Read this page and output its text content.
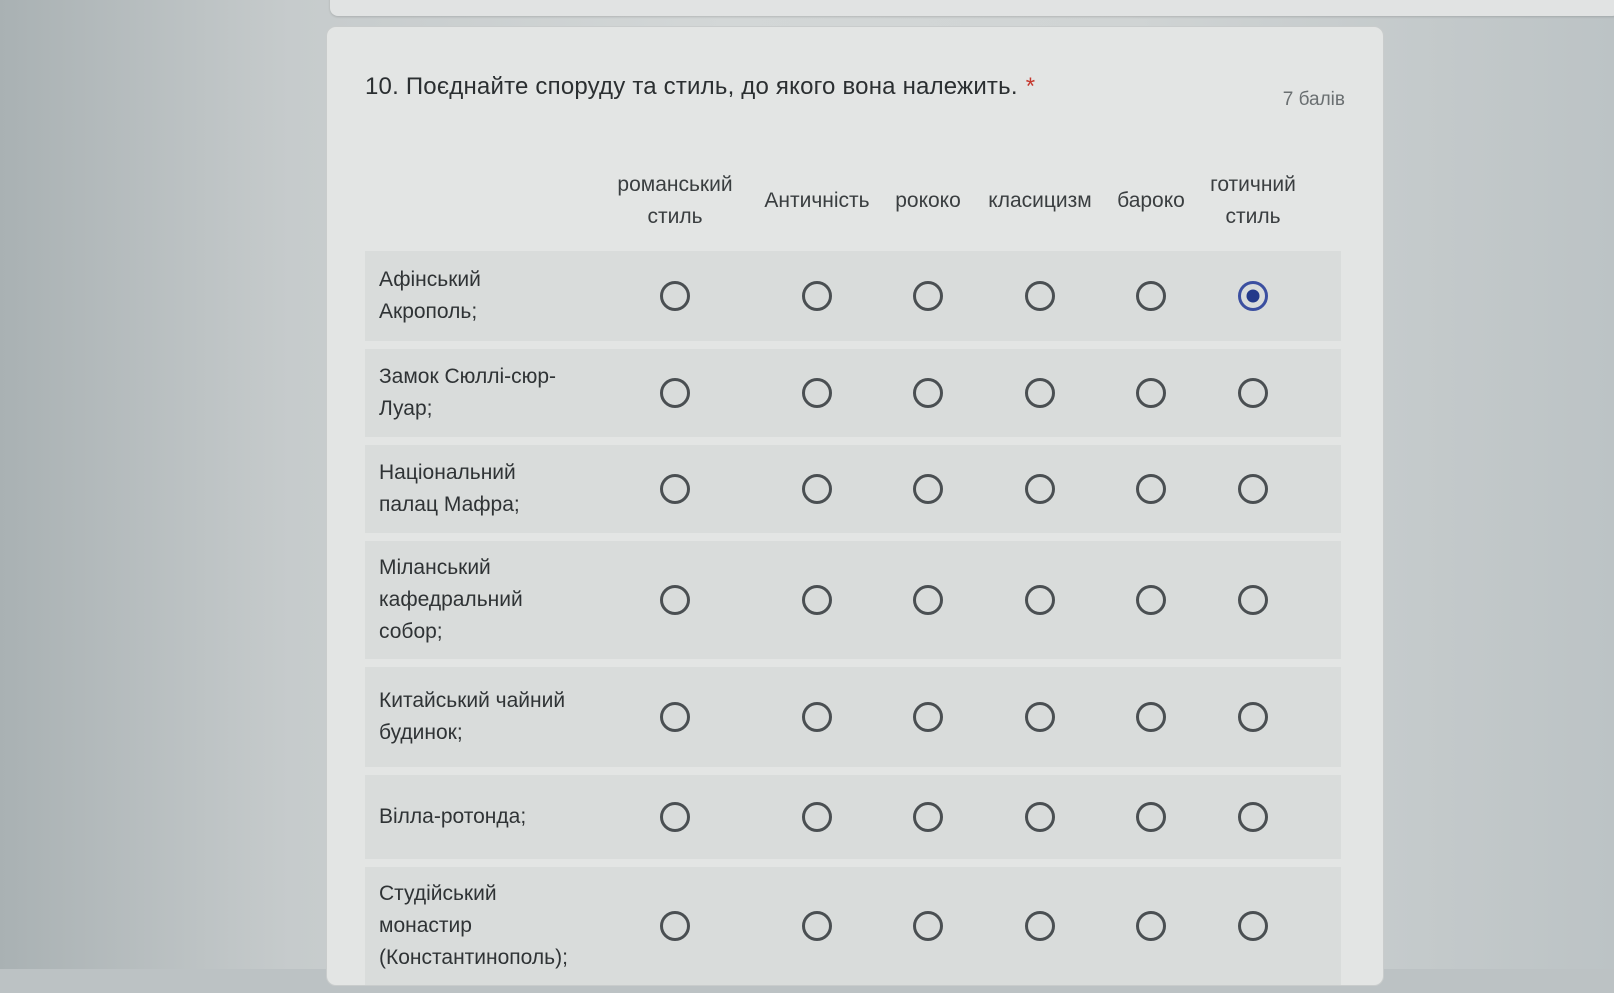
10. Поєднайте споруду та стиль, до якого вона належить. *	7 балів
романський
стиль
Античність рококо класицизм бароко
готичний
стиль
Афінський
Акрополь;
Замок Сюллі-сюр-
Луар;
Національний
палац Мафра;
Міланський
кафедральний
собор;
Китайський чайний
будинок;
Вілла-ротонда;
Студійський
монастир
(Константинополь);
